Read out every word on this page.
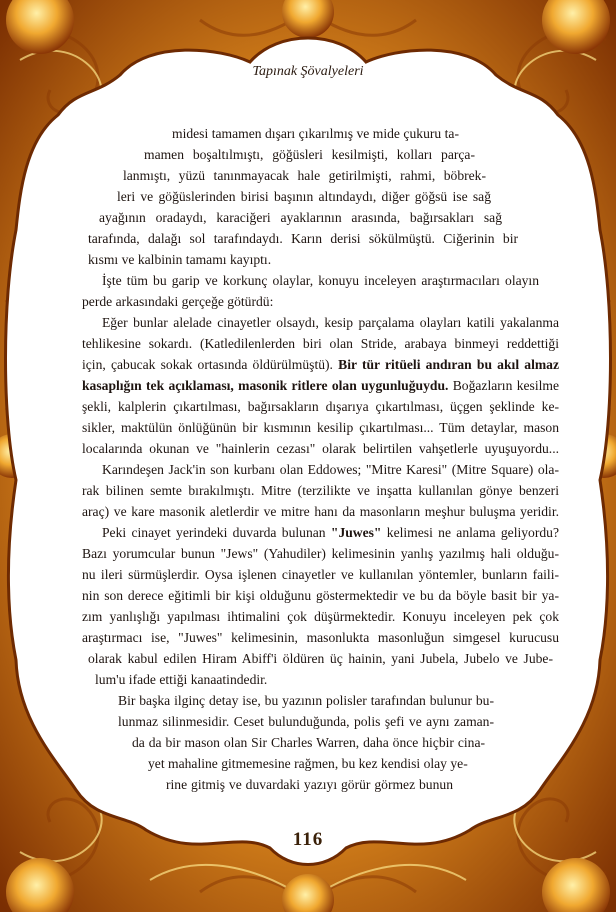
Tapınak Şövalyeleri
midesi tamamen dışarı çıkarılmış ve mide çukuru ta-
mamen boşaltılmıştı, göğüsleri kesilmişti, kolları parça-
lanmıştı, yüzü tanınmayacak hale getirilmişti, rahmi, böbrek-
leri ve göğüslerinden birisi başının altındaydı, diğer göğsü ise sağ
ayağının oradaydı, karaciğeri ayaklarının arasında, bağırsakları sağ
tarafında, dalağı sol tarafındaydı. Karın derisi sökülmüştü. Ciğerinin bir
kısmı ve kalbinin tamamı kayıptı.
İşte tüm bu garip ve korkunç olaylar, konuyu inceleyen araştırmacıları olayın
perde arkasındaki gerçeğe götürdü:
Eğer bunlar alelade cinayetler olsaydı, kesip parçalama olayları katili yakalanma
tehlikesine sokardı. (Katledilenlerden biri olan Stride, arabaya binmeyi reddettiği
için, çabucak sokak ortasında öldürülmüştü). Bir tür ritüeli andıran bu akıl almaz
kasaplığın tek açıklaması, masonik ritlere olan uygunluğuydu. Boğazların kesilme
şekli, kalplerin çıkartılması, bağırsakların dışarıya çıkartılması, üçgen şeklinde ke-
sikler, maktülün önlüğünün bir kısmının kesilip çıkartılması... Tüm detaylar, mason
localarında okunan ve "hainlerin cezası" olarak belirtilen vahşetlerle uyuşuyordu...
Karındeşen Jack'in son kurbanı olan Eddowes; "Mitre Karesi" (Mitre Square) ola-
rak bilinen semte bırakılmıştı. Mitre (terzilikte ve inşatta kullanılan gönye benzeri
araç) ve kare masonik aletlerdir ve mitre hanı da masonların meşhur buluşma yeridir.
Peki cinayet yerindeki duvarda bulunan "Juwes" kelimesi ne anlama geliyordu?
Bazı yorumcular bunun "Jews" (Yahudiler) kelimesinin yanlış yazılmış hali olduğu-
nu ileri sürmüşlerdir. Oysa işlenen cinayetler ve kullanılan yöntemler, bunların faili-
nin son derece eğitimli bir kişi olduğunu göstermektedir ve bu da böyle basit bir ya-
zım yanlışlığı yapılması ihtimalini çok düşürmektedir. Konuyu inceleyen pek çok
araştırmacı ise, "Juwes" kelimesinin, masonlukta masonluğun simgesel kurucusu
olarak kabul edilen Hiram Abiff'i öldüren üç hainin, yani Jubela, Jubelo ve Jube-
lum'u ifade ettiği kanaatindedir.
Bir başka ilginç detay ise, bu yazının polisler tarafından bulunur bu-
lunmaz silinmesidir. Ceset bulunduğunda, polis şefi ve aynı zaman-
da da bir mason olan Sir Charles Warren, daha önce hiçbir cina-
yet mahaline gitmemesine rağmen, bu kez kendisi olay ye-
rine gitmiş ve duvardaki yazıyı görür görmez bunun
116
